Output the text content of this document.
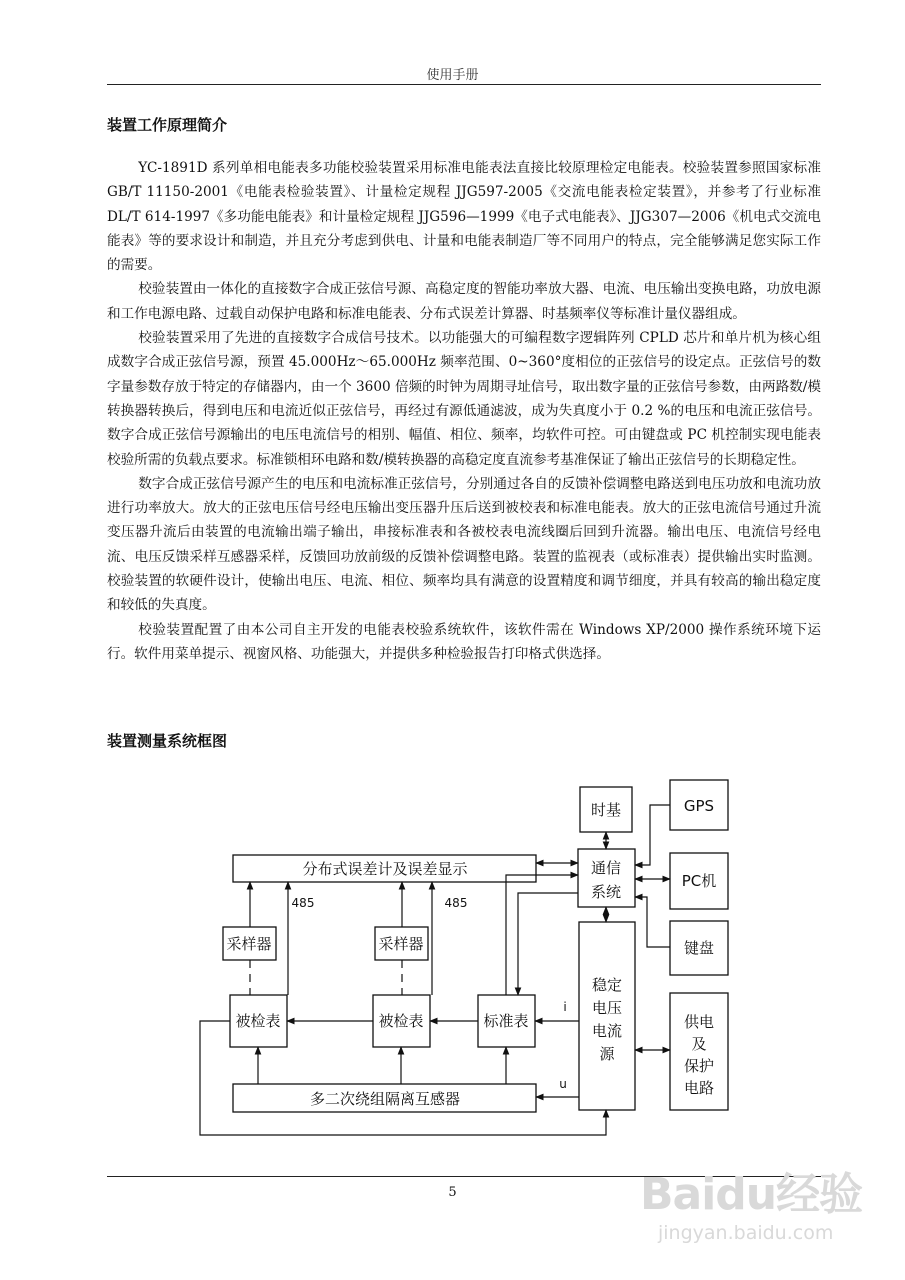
使用手册
装置工作原理简介

YC-1891D 系列单相电能表多功能校验装置采用标准电能表法直接比较原理检定电能表。校验装置参照国家标准 GB/T 11150-2001《电能表检验装置》、计量检定规程 JJG597-2005《交流电能表检定装置》，并参考了行业标准 DL/T 614-1997《多功能电能表》和计量检定规程 JJG596—1999《电子式电能表》、JJG307—2006《机电式交流电能表》等的要求设计和制造，并且充分考虑到供电、计量和电能表制造厂等不同用户的特点，完全能够满足您实际工作的需要。

校验装置由一体化的直接数字合成正弦信号源、高稳定度的智能功率放大器、电流、电压输出变换电路，功放电源和工作电源电路、过载自动保护电路和标准电能表、分布式误差计算器、时基频率仪等标准计量仪器组成。

校验装置采用了先进的直接数字合成信号技术。以功能强大的可编程数字逻辑阵列 CPLD 芯片和单片机为核心组成数字合成正弦信号源，预置 45.000Hz～65.000Hz 频率范围、0~360°度相位的正弦信号的设定点。正弦信号的数字量参数存放于特定的存储器内，由一个 3600 倍频的时钟为周期寻址信号，取出数字量的正弦信号参数，由两路数/模转换器转换后，得到电压和电流近似正弦信号，再经过有源低通滤波，成为失真度小于 0.2 %的电压和电流正弦信号。数字合成正弦信号源输出的电压电流信号的相别、幅值、相位、频率，均软件可控。可由键盘或 PC 机控制实现电能表校验所需的负载点要求。标准锁相环电路和数/模转换器的高稳定度直流参考基准保证了输出正弦信号的长期稳定性。

数字合成正弦信号源产生的电压和电流标准正弦信号，分别通过各自的反馈补偿调整电路送到电压功放和电流功放进行功率放大。放大的正弦电压信号经电压输出变压器升压后送到被校表和标准电能表。放大的正弦电流信号通过升流变压器升流后由装置的电流输出端子输出，串接标准表和各被校表电流线圈后回到升流器。输出电压、电流信号经电流、电压反馈采样互感器采样，反馈回功放前级的反馈补偿调整电路。装置的监视表（或标准表）提供输出实时监测。校验装置的软硬件设计，使输出电压、电流、相位、频率均具有满意的设置精度和调节细度，并具有较高的输出稳定度和较低的失真度。

校验装置配置了由本公司自主开发的电能表校验系统软件，该软件需在 Windows XP/2000 操作系统环境下运行。软件用菜单提示、视窗风格、功能强大，并提供多种检验报告打印格式供选择。

装置测量系统框图
时基	GPS
通信
系统
PC机
键盘
分布式误差计及误差显示
采样器	采样器
被检表	被检表	标准表
稳定
电压
电流
源
供电
及
保护
电路
多二次绕组隔离互感器
485	485
i
u
5	Baidu经验
jingyan.baidu.com
